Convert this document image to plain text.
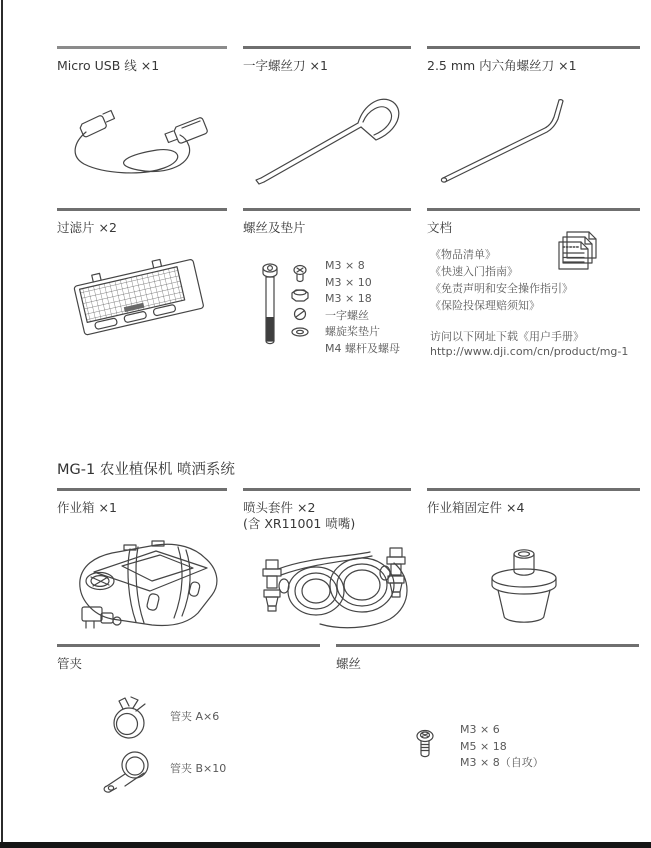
Micro USB 线 ×1	一字螺丝刀 ×1	2.5 mm 内六角螺丝刀 ×1
过滤片 ×2	螺丝及垫片	文档
M3 × 8
M3 × 10
M3 × 18
一字螺丝
螺旋桨垫片
M4 螺杆及螺母
《物品清单》
《快速入门指南》
《免责声明和安全操作指引》
《保险投保理赔须知》
访问以下网址下载《用户手册》
http://www.dji.com/cn/product/mg-1
MG-1 农业植保机 喷洒系统
作业箱 ×1	喷头套件 ×2
(含 XR11001 喷嘴)
作业箱固定件 ×4
管夹	螺丝
管夹 A×6
管夹 B×10
M3 × 6
M5 × 18
M3 × 8（自攻）
